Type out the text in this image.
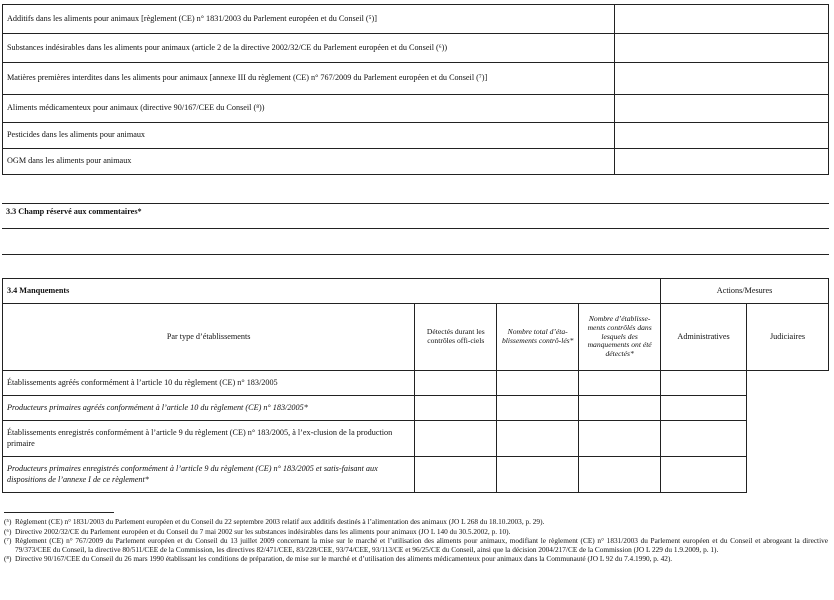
Additifs dans les aliments pour animaux [règlement (CE) n° 1831/2003 du Parlement européen et du Conseil (⁵)]	
Substances indésirables dans les aliments pour animaux (article 2 de la directive 2002/32/CE du Parlement européen et du Conseil (⁶))	
Matières premières interdites dans les aliments pour animaux [annexe III du règlement (CE) n° 767/2009 du Parlement européen et du Conseil (⁷)]	
Aliments médicamenteux pour animaux (directive 90/167/CEE du Conseil (⁸))	
Pesticides dans les aliments pour animaux	
OGM dans les aliments pour animaux	
3.3 Champ réservé aux commentaires*
3.4 Manquements				Actions/Mesures	
Par type d’établissements	Détectés durant les contrôles offi-ciels	Nombre total d’éta-blissements contrô-lés*	Nombre d’établisse-ments contrôlés dans lesquels des manquements ont été détectés*	Administratives	Judiciaires
Établissements agréés conformément à l’article 10 du règlement (CE) n° 183/2005					
Producteurs primaires agréés conformément à l’article 10 du règlement (CE) n° 183/2005*					
Établissements enregistrés conformément à l’article 9 du règlement (CE) n° 183/2005, à l’ex-clusion de la production primaire					
Producteurs primaires enregistrés conformément à l’article 9 du règlement (CE) n° 183/2005 et satis-faisant aux dispositions de l’annexe I de ce règlement*					
(⁵) Règlement (CE) n° 1831/2003 du Parlement européen et du Conseil du 22 septembre 2003 relatif aux additifs destinés à l’alimentation des animaux (JO L 268 du 18.10.2003, p. 29).
(⁶) Directive 2002/32/CE du Parlement européen et du Conseil du 7 mai 2002 sur les substances indésirables dans les aliments pour animaux (JO L 140 du 30.5.2002, p. 10).
(⁷) Règlement (CE) n° 767/2009 du Parlement européen et du Conseil du 13 juillet 2009 concernant la mise sur le marché et l’utilisation des aliments pour animaux, modifiant le règlement (CE) n° 1831/2003 du Parlement européen et du Conseil et abrogeant la directive 79/373/CEE du Conseil, la directive 80/511/CEE de la Commission, les directives 82/471/CEE, 83/228/CEE, 93/74/CEE, 93/113/CE et 96/25/CE du Conseil, ainsi que la décision 2004/217/CE de la Commission (JO L 229 du 1.9.2009, p. 1).
(⁸) Directive 90/167/CEE du Conseil du 26 mars 1990 établissant les conditions de préparation, de mise sur le marché et d’utilisation des aliments médicamenteux pour animaux dans la Communauté (JO L 92 du 7.4.1990, p. 42).
